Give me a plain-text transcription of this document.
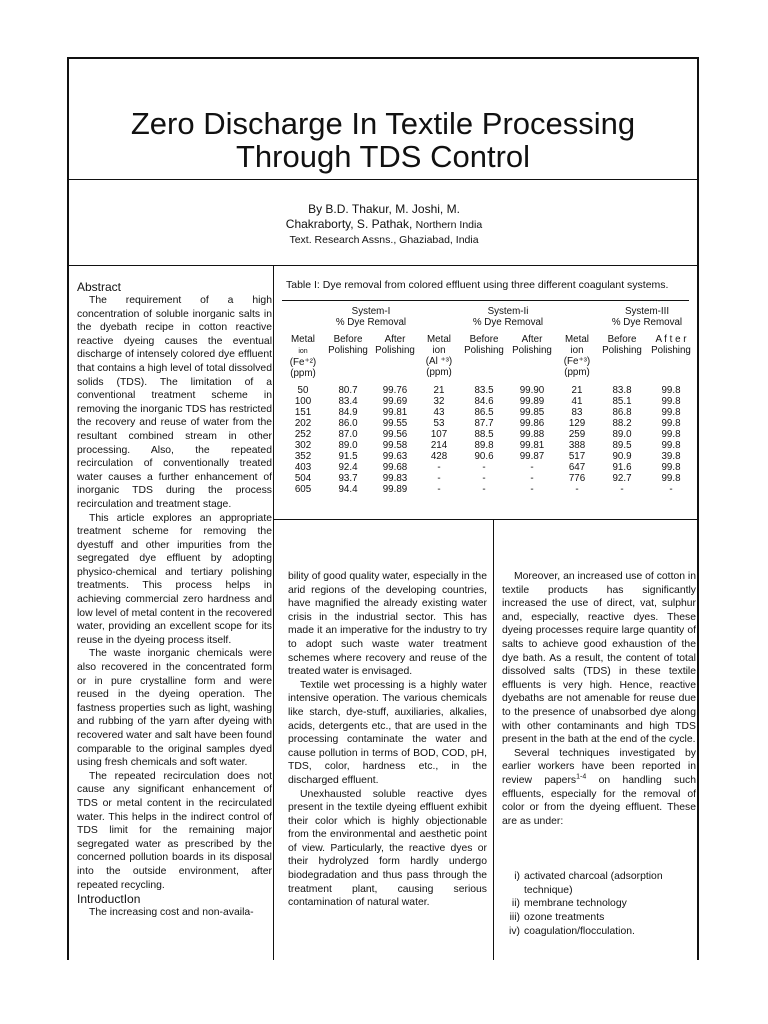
Zero Discharge In Textile Processing
Through TDS Control
By B.D. Thakur, M. Joshi, M.
Chakraborty, S. Pathak, Northern India
Text. Research Assns., Ghaziabad, India
Abstract

The requirement of a high concentration of soluble inorganic salts in the dyebath recipe in cotton reactive reactive dyeing causes the eventual discharge of intensely colored dye effluent that contains a high level of total dissolved solids (TDS). The limitation of a conventional treatment scheme in removing the inorganic TDS has restricted the recovery and reuse of water from the resultant combined stream in other processing. Also, the repeated recirculation of conventionally treated water causes a further enhancement of inorganic TDS during the process recirculation and treatment stage.

This article explores an appropriate treatment scheme for removing the dyestuff and other impurities from the segregated dye effluent by adopting physico-chemical and tertiary polishing treatments. This process helps in achieving commercial zero hardness and low level of metal content in the recovered water, providing an excellent scope for its reuse in the dyeing process itself.

The waste inorganic chemicals were also recovered in the concentrated form or in pure crystalline form and were reused in the dyeing operation. The fastness properties such as light, washing and rubbing of the yarn after dyeing with recovered water and salt have been found comparable to the original samples dyed using fresh chemicals and soft water.

The repeated recirculation does not cause any significant enhancement of TDS or metal content in the recirculated water. This helps in the indirect control of TDS limit for the remaining major segregated water as prescribed by the concerned pollution boards in its disposal into the outside environment, after repeated recycling.

IntroductIon

The increasing cost and non-availa-

Table I: Dye removal from colored effluent using three different coagulant systems.
	System-I
% Dye Removal			System-Ii
% Dye Removal			System-III
% Dye Removal	
Metal
ion
(Fe⁺²)
(ppm)	Before
Polishing	After
Polishing	Metal
ion
(Al ⁺³)
(ppm)	Before
Polishing	After
Polishing	Metal
ion
(Fe⁺³)
(ppm)	Before
Polishing	A f t e r
Polishing
50	80.7	99.76	21	83.5	99.90	21	83.8	99.8
100	83.4	99.69	32	84.6	99.89	41	85.1	99.8
151	84.9	99.81	43	86.5	99.85	83	86.8	99.8
202	86.0	99.55	53	87.7	99.86	129	88.2	99.8
252	87.0	99.56	107	88.5	99.88	259	89.0	99.8
302	89.0	99.58	214	89.8	99.81	388	89.5	99.8
352	91.5	99.63	428	90.6	99.87	517	90.9	39.8
403	92.4	99.68	-	-	-	647	91.6	99.8
504	93.7	99.83	-	-	-	776	92.7	99.8
605	94.4	99.89	-	-	-	-	-	-

bility of good quality water, especially in the arid regions of the developing countries, have magnified the already existing water crisis in the industrial sector. This has made it an imperative for the industry to try to adopt such waste water treatment schemes where recovery and reuse of the treated water is envisaged.

Textile wet processing is a highly water intensive operation. The various chemicals like starch, dye-stuff, auxiliaries, alkalies, acids, detergents etc., that are used in the processing contaminate the water and cause pollution in terms of BOD, COD, pH, TDS, color, hardness etc., in the discharged effluent.

Unexhausted soluble reactive dyes present in the textile dyeing effluent exhibit their color which is highly objectionable from the environmental and aesthetic point of view. Particularly, the reactive dyes or their hydrolyzed form hardly undergo biodegradation and thus pass through the treatment plant, causing serious contamination of natural water.

Moreover, an increased use of cotton in textile products has significantly increased the use of direct, vat, sulphur and, especially, reactive dyes. These dyeing processes require large quantity of salts to achieve good exhaustion of the dye bath. As a result, the content of total dissolved salts (TDS) in these textile effluents is very high. Hence, reactive dyebaths are not amenable for reuse due to the presence of unabsorbed dye along with other contaminants and high TDS present in the bath at the end of the cycle.

Several techniques investigated by earlier workers have been reported in review papers$^{1-4}$ on handling such effluents, especially for the removal of color or from the dyeing effluent. These are as under:

i) activated charcoal (adsorption technique)
ii) membrane technology
iii) ozone treatments
iv) coagulation/flocculation.
